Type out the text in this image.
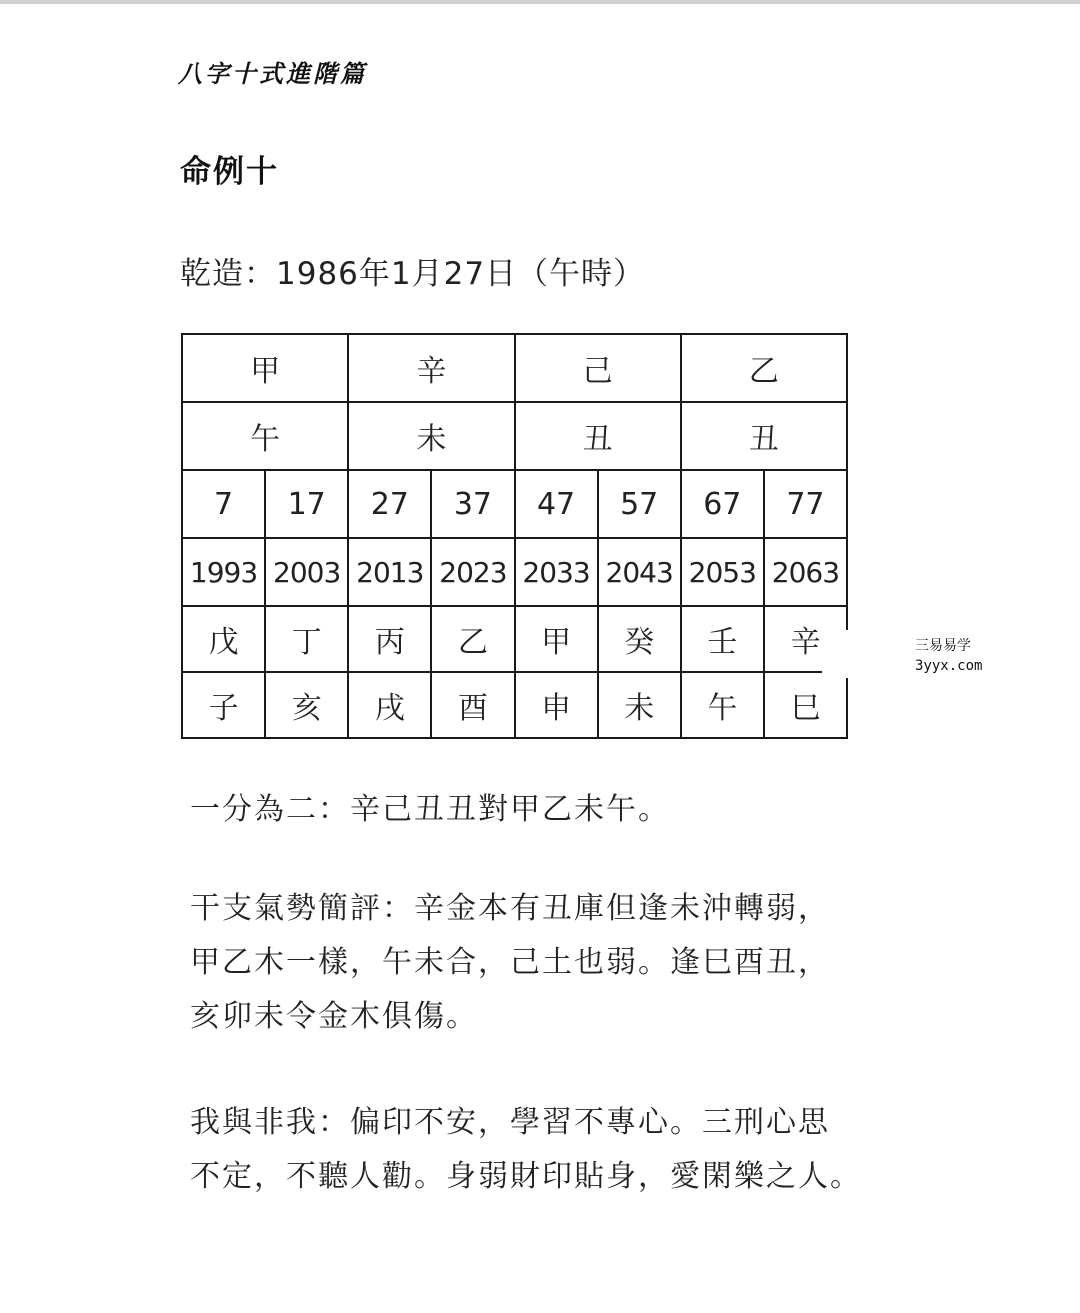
八字十式進階篇
命例十
乾造：1986年1月27日（午時）
甲		辛		己		乙	
午		未		丑		丑	
7	17	27	37	47	57	67	77
1993	2003	2013	2023	2033	2043	2053	2063
戊	丁	丙	乙	甲	癸	壬	辛
子	亥	戌	酉	申	未	午	巳

一分為二：辛己丑丑對甲乙未午。

干支氣勢簡評：辛金本有丑庫但逢未沖轉弱，
甲乙木一樣，午未合，己土也弱。逢巳酉丑，
亥卯未令金木俱傷。

我與非我：偏印不安，學習不專心。三刑心思
不定，不聽人勸。身弱財印貼身，愛閑樂之人。

三易易学
3yyx.com
